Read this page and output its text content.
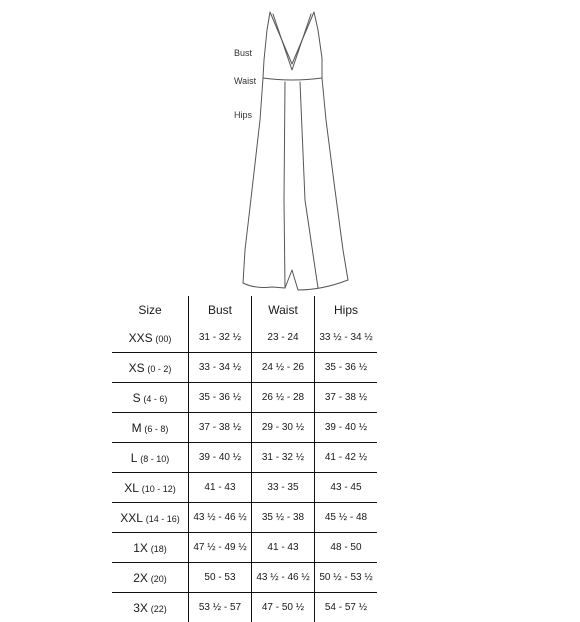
Bust
Waist
Hips
Size	Bust	Waist	Hips
XXS (00)	31 - 32 ½	23 - 24	33 ½ - 34 ½
XS (0 - 2)	33 - 34 ½	24 ½ - 26	35 - 36 ½
S (4 - 6)	35 - 36 ½	26 ½ - 28	37 - 38 ½
M (6 - 8)	37 - 38 ½	29 - 30 ½	39 - 40 ½
L (8 - 10)	39 - 40 ½	31 - 32 ½	41 - 42 ½
XL (10 - 12)	41 - 43	33 - 35	43 - 45
XXL (14 - 16)	43 ½ - 46 ½	35 ½ - 38	45 ½ - 48
1X (18)	47 ½ - 49 ½	41 - 43	48 - 50
2X (20)	50 - 53	43 ½ - 46 ½	50 ½ - 53 ½
3X (22)	53 ½ - 57	47 - 50 ½	54 - 57 ½
